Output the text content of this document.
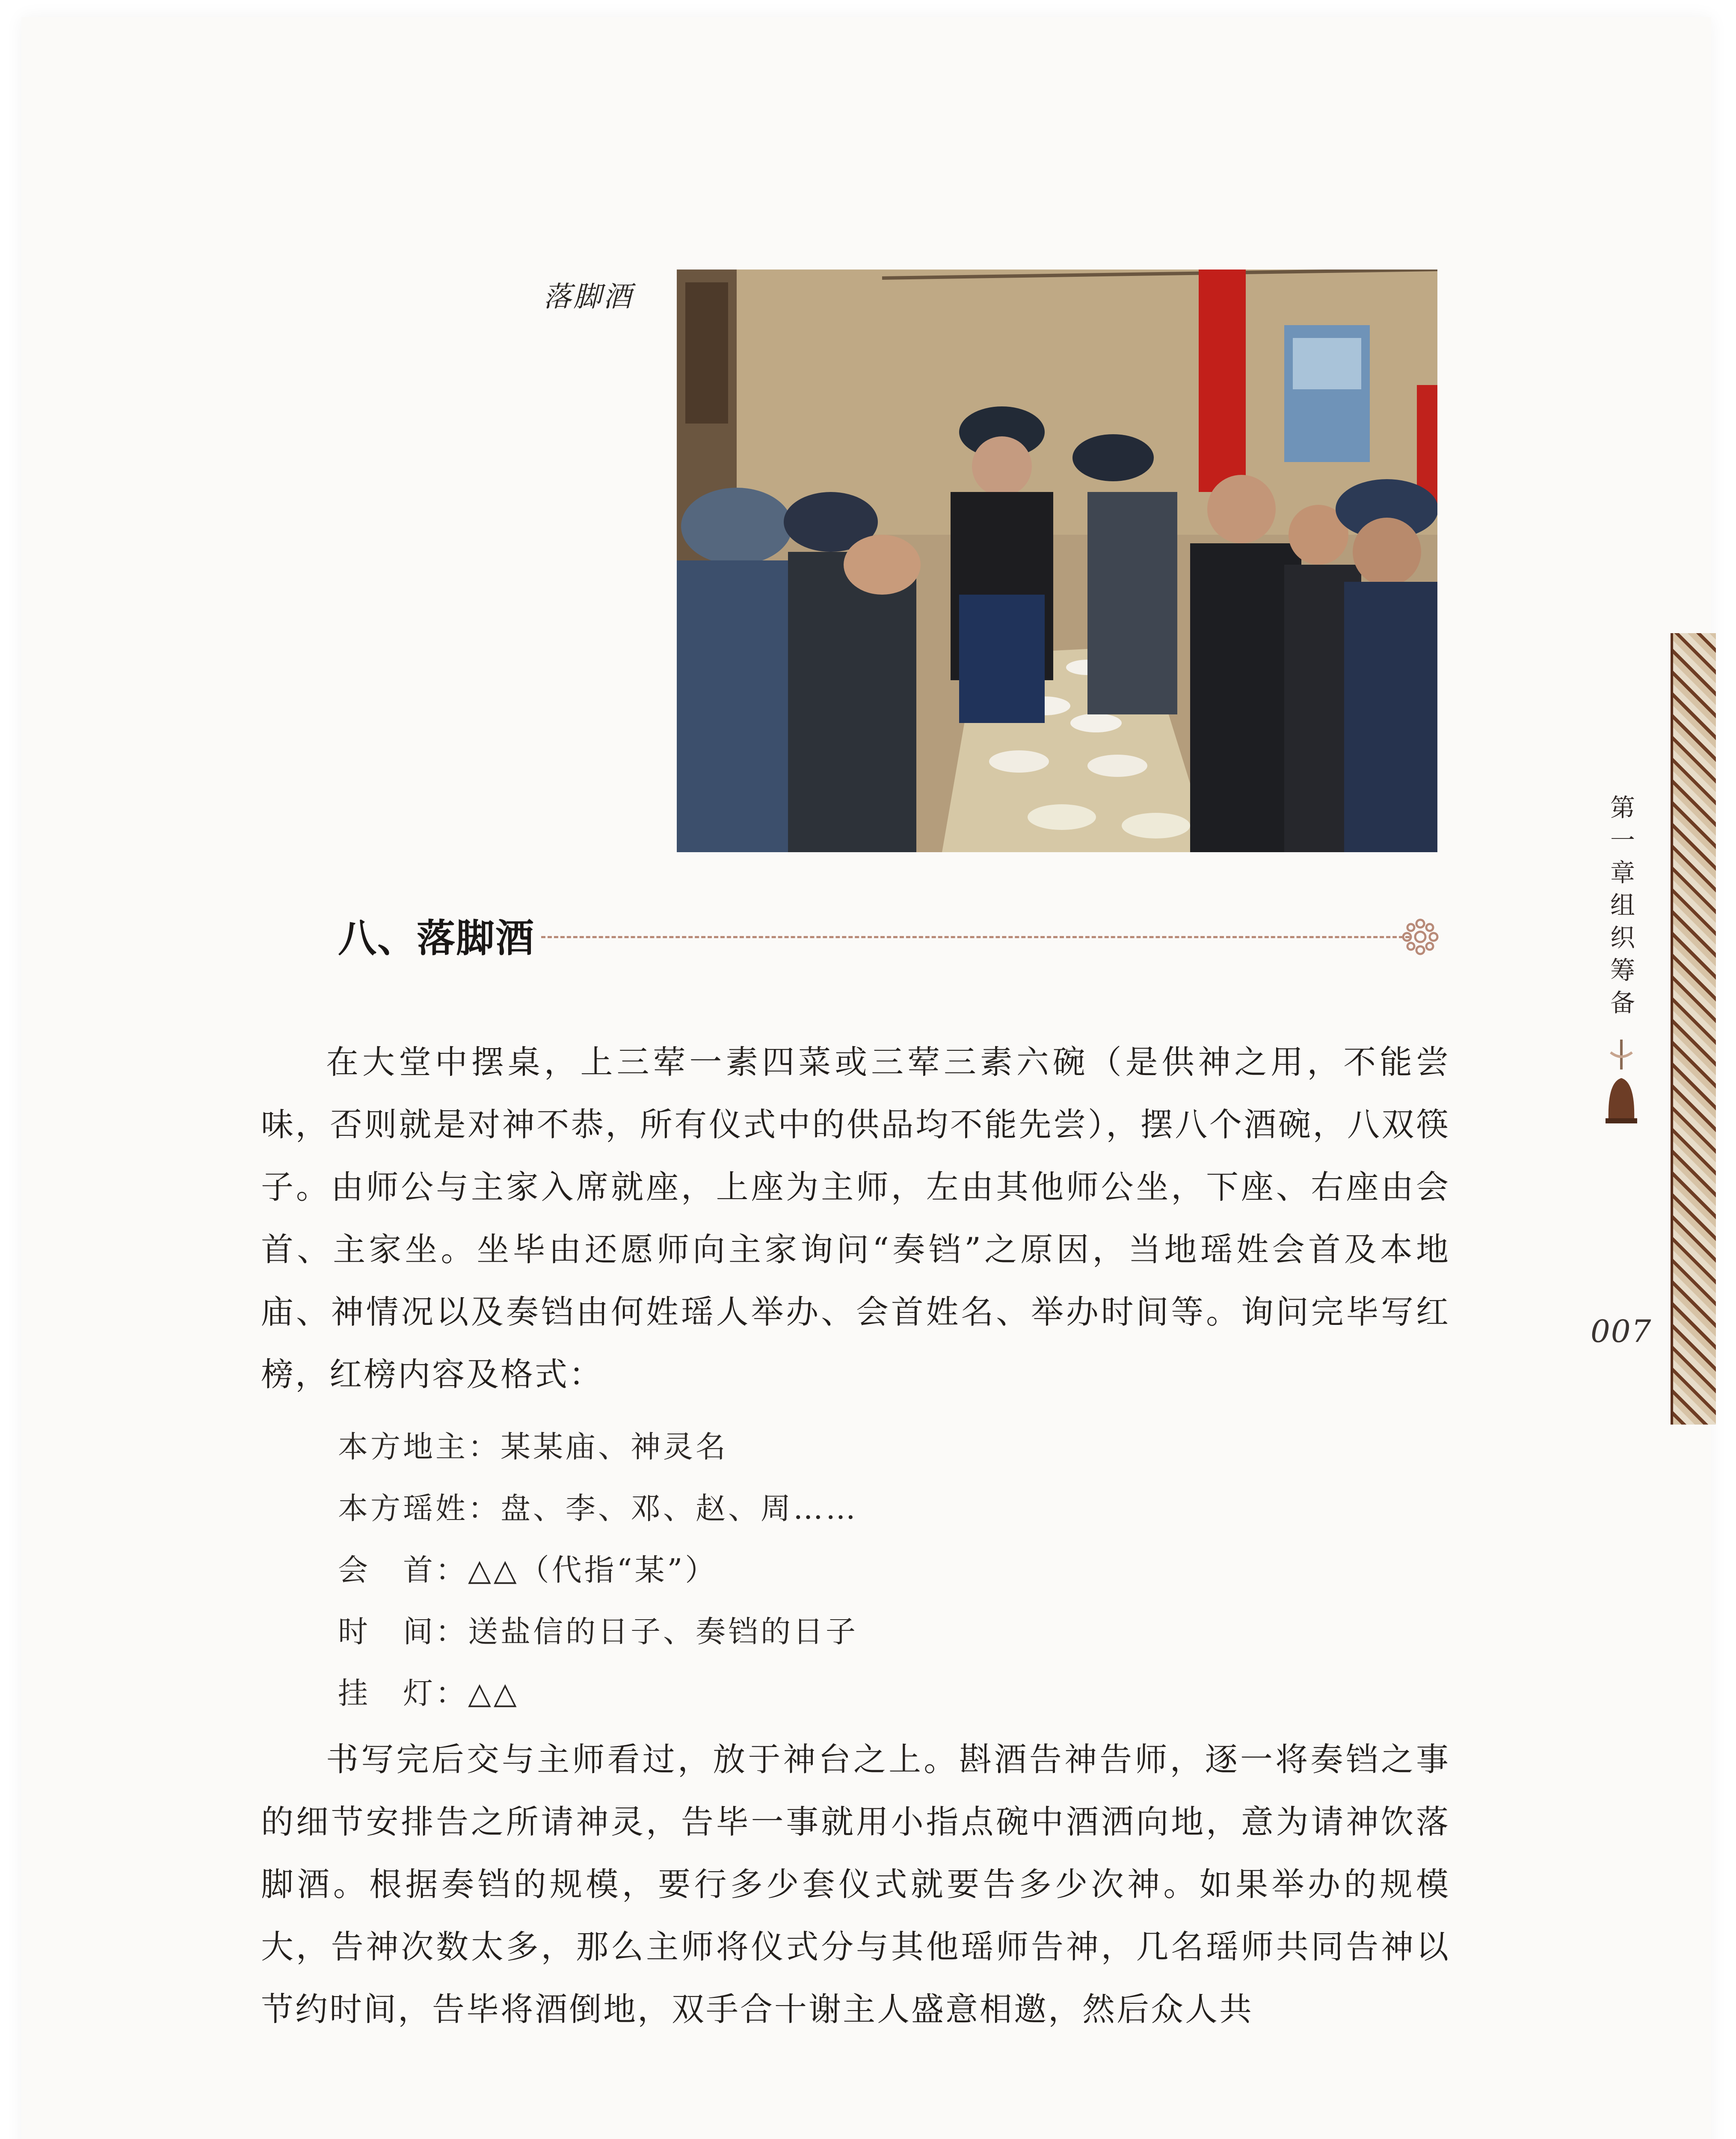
落脚酒
八、落脚酒
在大堂中摆桌，上三荤一素四菜或三荤三素六碗（是供神之用，不能尝味，否则就是对神不恭，所有仪式中的供品均不能先尝），摆八个酒碗，八双筷子。由师公与主家入席就座，上座为主师，左由其他师公坐，下座、右座由会首、主家坐。坐毕由还愿师向主家询问“奏铛”之原因，当地瑶姓会首及本地庙、神情况以及奏铛由何姓瑶人举办、会首姓名、举办时间等。询问完毕写红榜，红榜内容及格式：
本方地主：某某庙、神灵名
本方瑶姓：盘、李、邓、赵、周……
会　首：△△（代指“某”）
时　间：送盐信的日子、奏铛的日子
挂　灯：△△
书写完后交与主师看过，放于神台之上。斟酒告神告师，逐一将奏铛之事的细节安排告之所请神灵，告毕一事就用小指点碗中酒洒向地，意为请神饮落脚酒。根据奏铛的规模，要行多少套仪式就要告多少次神。如果举办的规模大，告神次数太多，那么主师将仪式分与其他瑶师告神，几名瑶师共同告神以节约时间，告毕将酒倒地，双手合十谢主人盛意相邀，然后众人共
第一章 组织筹备
007
